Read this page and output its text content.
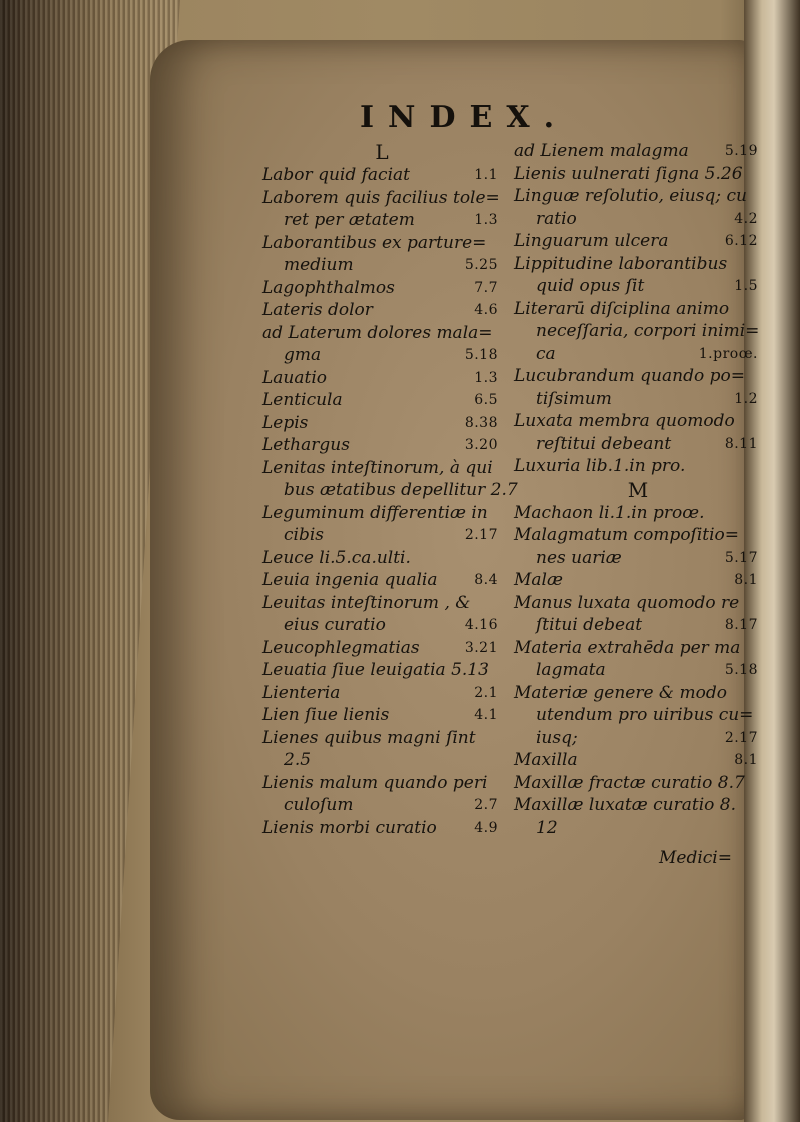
INDEX.
L
Labor quid faciat	1.1
Laborem quis facilius tole=
ret per ætatem	1.3
Laborantibus ex parture=
medium	5.25
Lagophthalmos	7.7
Lateris dolor	4.6
ad Laterum dolores mala=
gma	5.18
Lauatio	1.3
Lenticula	6.5
Lepis	8.38
Lethargus	3.20
Lenitas inteſtinorum, à qui
bus ætatibus depellitur 2.7
Leguminum differentiæ in
cibis	2.17
Leuce li.5.ca.ulti.
Leuia ingenia qualia	8.4
Leuitas inteſtinorum , &
eius curatio	4.16
Leucophlegmatias	3.21
Leuatia ſiue leuigatia 5.13
Lienteria	2.1
Lien ſiue lienis	4.1
Lienes quibus magni ſint
2.5
Lienis malum quando peri
culoſum	2.7
Lienis morbi curatio	4.9
ad Lienem malagma	5.19
Lienis uulnerati ſigna 5.26
Linguæ reſolutio, eiusq; cu
ratio	4.2
Linguarum ulcera	6.12
Lippitudine laborantibus
quid opus ſit	1.5
Literarū diſciplina animo
neceſſaria, corpori inimi=
ca	1.proœ.
Lucubrandum quando po=
tiſsimum	1.2
Luxata membra quomodo
reſtitui debeant	8.11
Luxuria lib.1.in pro.
M
Machaon li.1.in proœ.
Malagmatum compoſitio=
nes uariæ	5.17
Malæ	8.1
Manus luxata quomodo re
ſtitui debeat	8.17
Materia extrahēda per ma
lagmata	5.18
Materiæ genere & modo
utendum pro uiribus cu=
iusq;	2.17
Maxilla	8.1
Maxillæ fractæ curatio 8.7
Maxillæ luxatæ curatio 8.
12
Medici=
